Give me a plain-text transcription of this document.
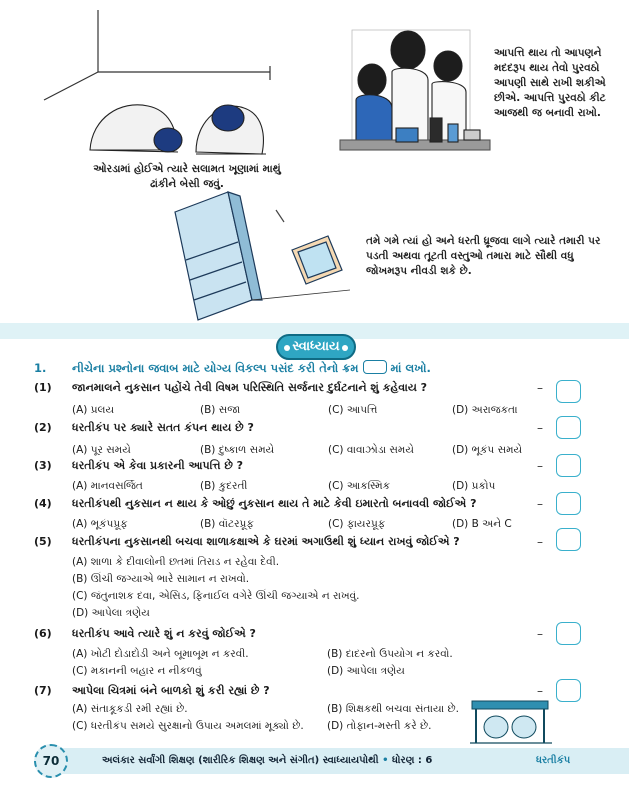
ઓરડામાં હોઈએ ત્યારે સલામત ખૂણામાં માથું ઢાંકીને બેસી જવું.
આપત્તિ થાય તો આપણને મદદરૂપ થાય તેવો પુરવઠો આપણી સાથે રાખી શકીએ છીએ. આપત્તિ પુરવઠો કીટ આજથી જ બનાવી રાખો.
તમે ગમે ત્યાં હો અને ધરતી ધ્રૂજવા લાગે ત્યારે તમારી પર પડતી અથવા તૂટતી વસ્તુઓ તમારા માટે સૌથી વધુ જોખમરૂપ નીવડી શકે છે.
સ્વાધ્યાય
1. નીચેના પ્રશ્નોના જવાબ માટે યોગ્ય વિકલ્પ પસંદ કરી તેનો ક્રમ	માં લખો.
(1) જાનમાલને નુકસાન પહોંચે તેવી વિષમ પરિસ્થિતિ સર્જનાર દુર્ઘટનાને શું કહેવાય ?
(A) પ્રલય	(B) સજા	(C) આપત્તિ	(D) અરાજકતા
–
(2) ધરતીકંપ પર ક્યારે સતત કંપન થાય છે ?
(A) પૂર સમયે	(B) દુષ્કાળ સમયે	(C) વાવાઝોડા સમયે	(D) ભૂકંપ સમયે
–
(3) ધરતીકંપ એ કેવા પ્રકારની આપત્તિ છે ?
(A) માનવસર્જિત	(B) કુદરતી	(C) આકસ્મિક	(D) પ્રકોપ
–
(4) ધરતીકંપથી નુકસાન ન થાય કે ઓછું નુકસાન થાય તે માટે કેવી ઇમારતો બનાવવી જોઈએ ?
(A) ભૂકંપપ્રૂફ	(B) વૉટરપ્રૂફ	(C) ફાયરપ્રૂફ	(D) B અને C
–
(5) ધરતીકંપના નુકસાનથી બચવા શાળાકક્ષાએ કે ઘરમાં અગાઉથી શું ધ્યાન રાખવું જોઈએ ?
(A) શાળા કે દીવાલોની છતમાં તિરાડ ન રહેવા દેવી.
(B) ઊંચી જગ્યાએ ભારે સામાન ન રાખવો.
(C) જંતુનાશક દવા, એસિડ, ફિનાઈલ વગેરે ઊંચી જગ્યાએ ન રાખવું.
(D) આપેલા ત્રણેય
–
(6) ધરતીકંપ આવે ત્યારે શું ન કરવું જોઈએ ?
(A) ખોટી દોડાદોડી અને બૂમાબૂમ ન કરવી.	(B) દાદરનો ઉપયોગ ન કરવો.
(C) મકાનની બહાર ન નીકળવું	(D) આપેલા ત્રણેય
–
(7) આપેલા ચિત્રમાં બંને બાળકો શું કરી રહ્યાં છે ?
(A) સંતાકૂકડી રમી રહ્યાં છે.	(B) શિક્ષકથી બચવા સંતાયા છે.
(C) ધરતીકંપ સમયે સુરક્ષાનો ઉપાય અમલમાં મૂક્યો છે. (D) તોફાન-મસ્તી કરે છે.
–
70	અલંકાર સર્વાંગી શિક્ષણ (શારીરિક શિક્ષણ અને સંગીત) સ્વાધ્યાયપોથી • ધોરણ : 6	ધરતીકંપ
